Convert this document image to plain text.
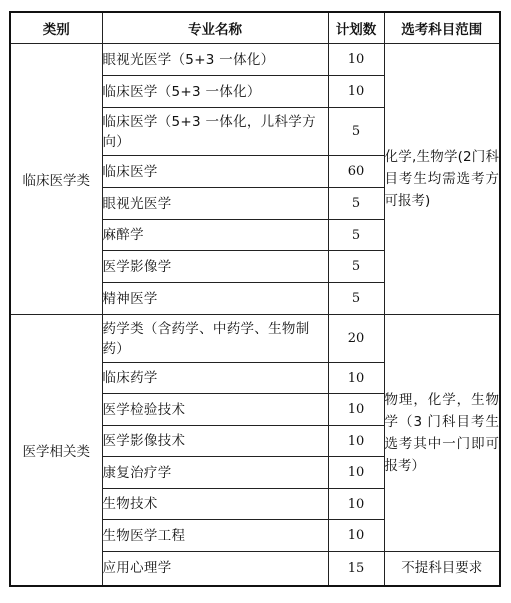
类别	专业名称	计划数	选考科目范围
临床医学类	眼视光医学（5+3 一体化）	10	化学,生物学(2门科目考生均需选考方可报考)
	临床医学（5+3 一体化）	10	
	临床医学（5+3 一体化，儿科学方向）	5	
	临床医学	60	
	眼视光医学	5	
	麻醉学	5	
	医学影像学	5	
	精神医学	5	
医学相关类	药学类（含药学、中药学、生物制药）	20	物理，化学，生物学（3 门科目考生选考其中一门即可报考）
	临床药学	10	
	医学检验技术	10	
	医学影像技术	10	
	康复治疗学	10	
	生物技术	10	
	生物医学工程	10	
	应用心理学	15	不提科目要求
